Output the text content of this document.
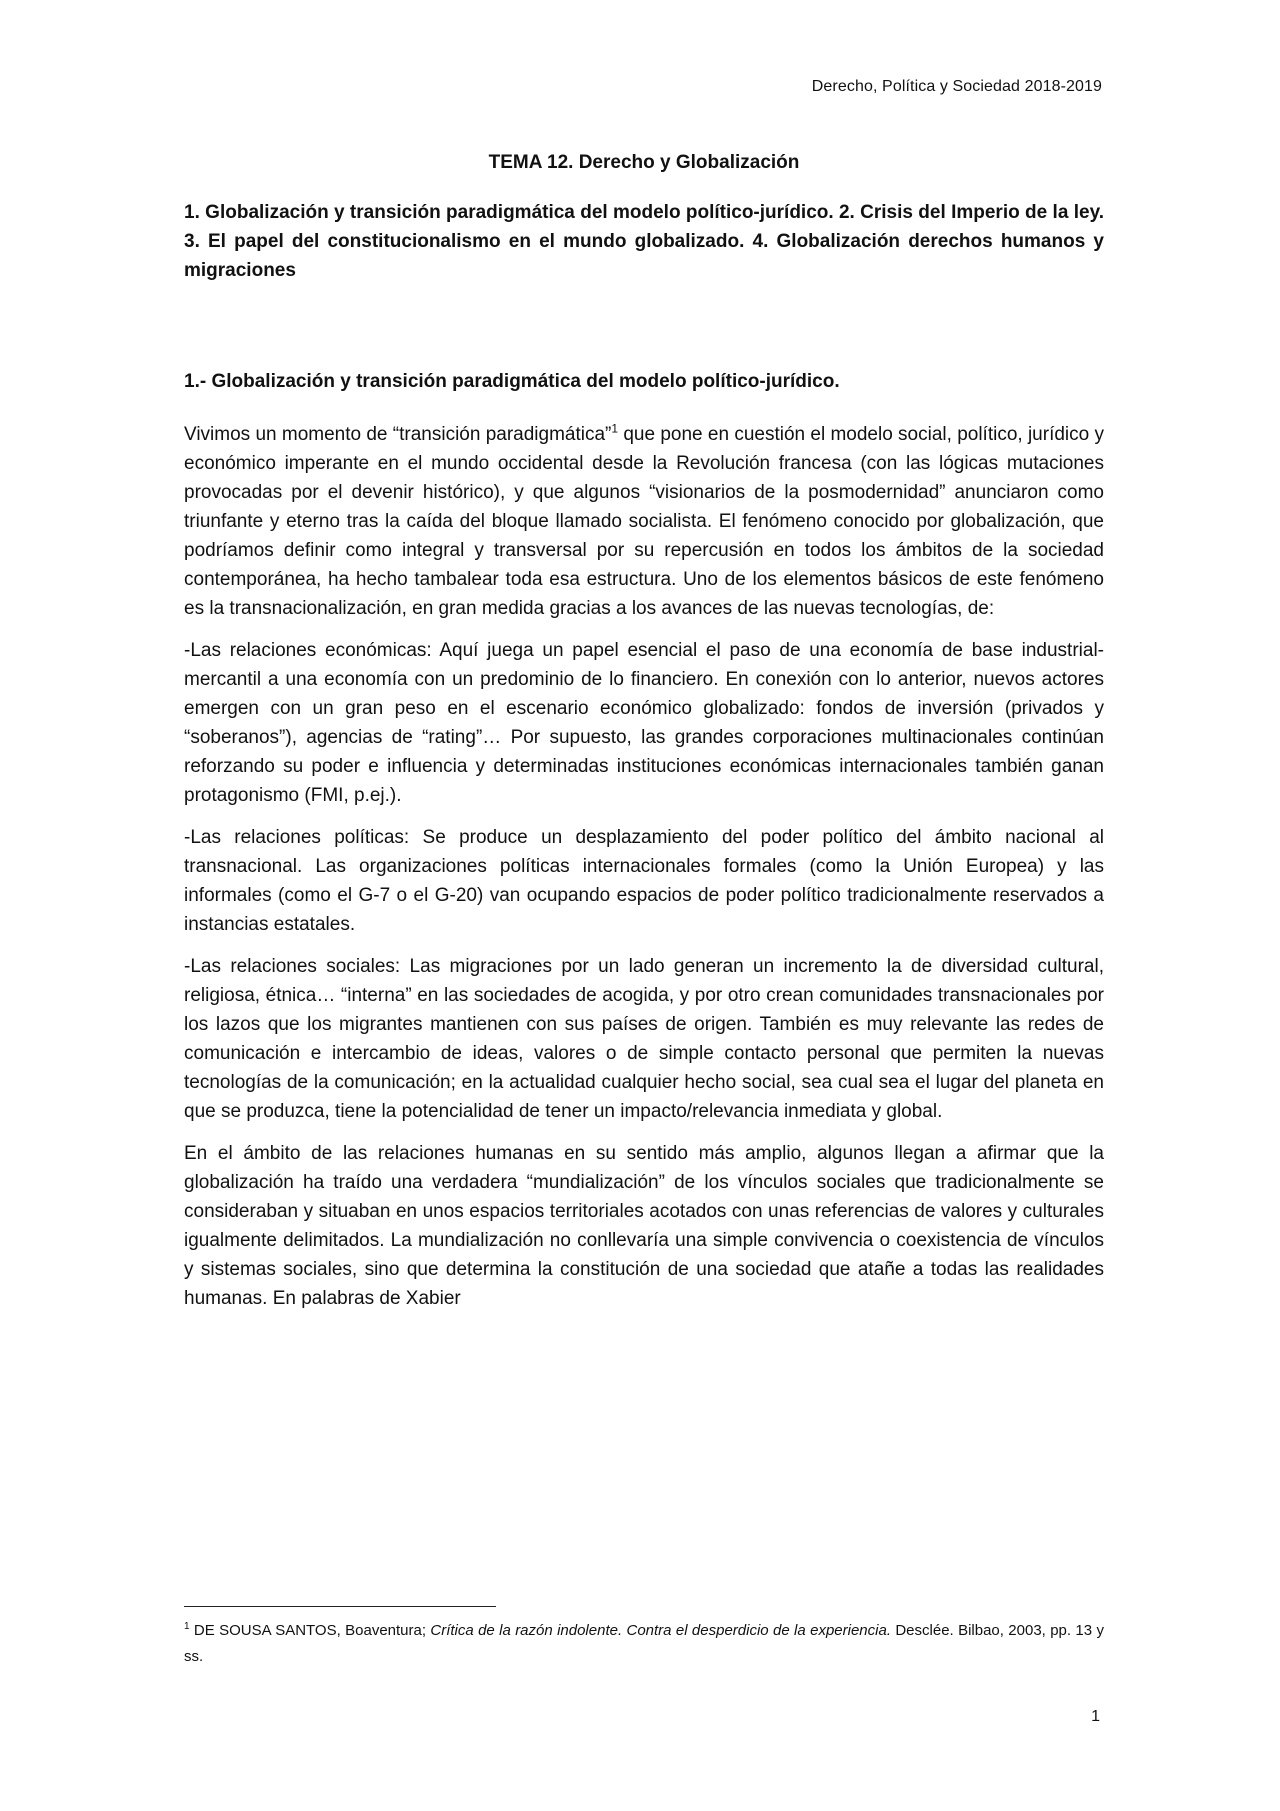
Derecho, Política y Sociedad 2018-2019

TEMA 12. Derecho y Globalización

1. Globalización y transición paradigmática del modelo político-jurídico. 2. Crisis del Imperio de la ley. 3. El papel del constitucionalismo en el mundo globalizado. 4. Globalización derechos humanos y migraciones

1.- Globalización y transición paradigmática del modelo político-jurídico.

Vivimos un momento de “transición paradigmática”$^1$ que pone en cuestión el modelo social, político, jurídico y económico imperante en el mundo occidental desde la Revolución francesa (con las lógicas mutaciones provocadas por el devenir histórico), y que algunos “visionarios de la posmodernidad” anunciaron como triunfante y eterno tras la caída del bloque llamado socialista. El fenómeno conocido por globalización, que podríamos definir como integral y transversal por su repercusión en todos los ámbitos de la sociedad contemporánea, ha hecho tambalear toda esa estructura. Uno de los elementos básicos de este fenómeno es la transnacionalización, en gran medida gracias a los avances de las nuevas tecnologías, de:

-Las relaciones económicas: Aquí juega un papel esencial el paso de una economía de base industrial-mercantil a una economía con un predominio de lo financiero. En conexión con lo anterior, nuevos actores emergen con un gran peso en el escenario económico globalizado: fondos de inversión (privados y “soberanos”), agencias de “rating”… Por supuesto, las grandes corporaciones multinacionales continúan reforzando su poder e influencia y determinadas instituciones económicas internacionales también ganan protagonismo (FMI, p.ej.).

-Las relaciones políticas: Se produce un desplazamiento del poder político del ámbito nacional al transnacional. Las organizaciones políticas internacionales formales (como la Unión Europea) y las informales (como el G-7 o el G-20) van ocupando espacios de poder político tradicionalmente reservados a instancias estatales.

-Las relaciones sociales: Las migraciones por un lado generan un incremento la de diversidad cultural, religiosa, étnica… “interna” en las sociedades de acogida, y por otro crean comunidades transnacionales por los lazos que los migrantes mantienen con sus países de origen. También es muy relevante las redes de comunicación e intercambio de ideas, valores o de simple contacto personal que permiten la nuevas tecnologías de la comunicación; en la actualidad cualquier hecho social, sea cual sea el lugar del planeta en que se produzca, tiene la potencialidad de tener un impacto/relevancia inmediata y global.

En el ámbito de las relaciones humanas en su sentido más amplio, algunos llegan a afirmar que la globalización ha traído una verdadera “mundialización” de los vínculos sociales que tradicionalmente se consideraban y situaban en unos espacios territoriales acotados con unas referencias de valores y culturales igualmente delimitados. La mundialización no conllevaría una simple convivencia o coexistencia de vínculos y sistemas sociales, sino que determina la constitución de una sociedad que atañe a todas las realidades humanas. En palabras de Xabier

$^1$ DE SOUSA SANTOS, Boaventura; Crítica de la razón indolente. Contra el desperdicio de la experiencia. Desclée. Bilbao, 2003, pp. 13 y ss.
1
